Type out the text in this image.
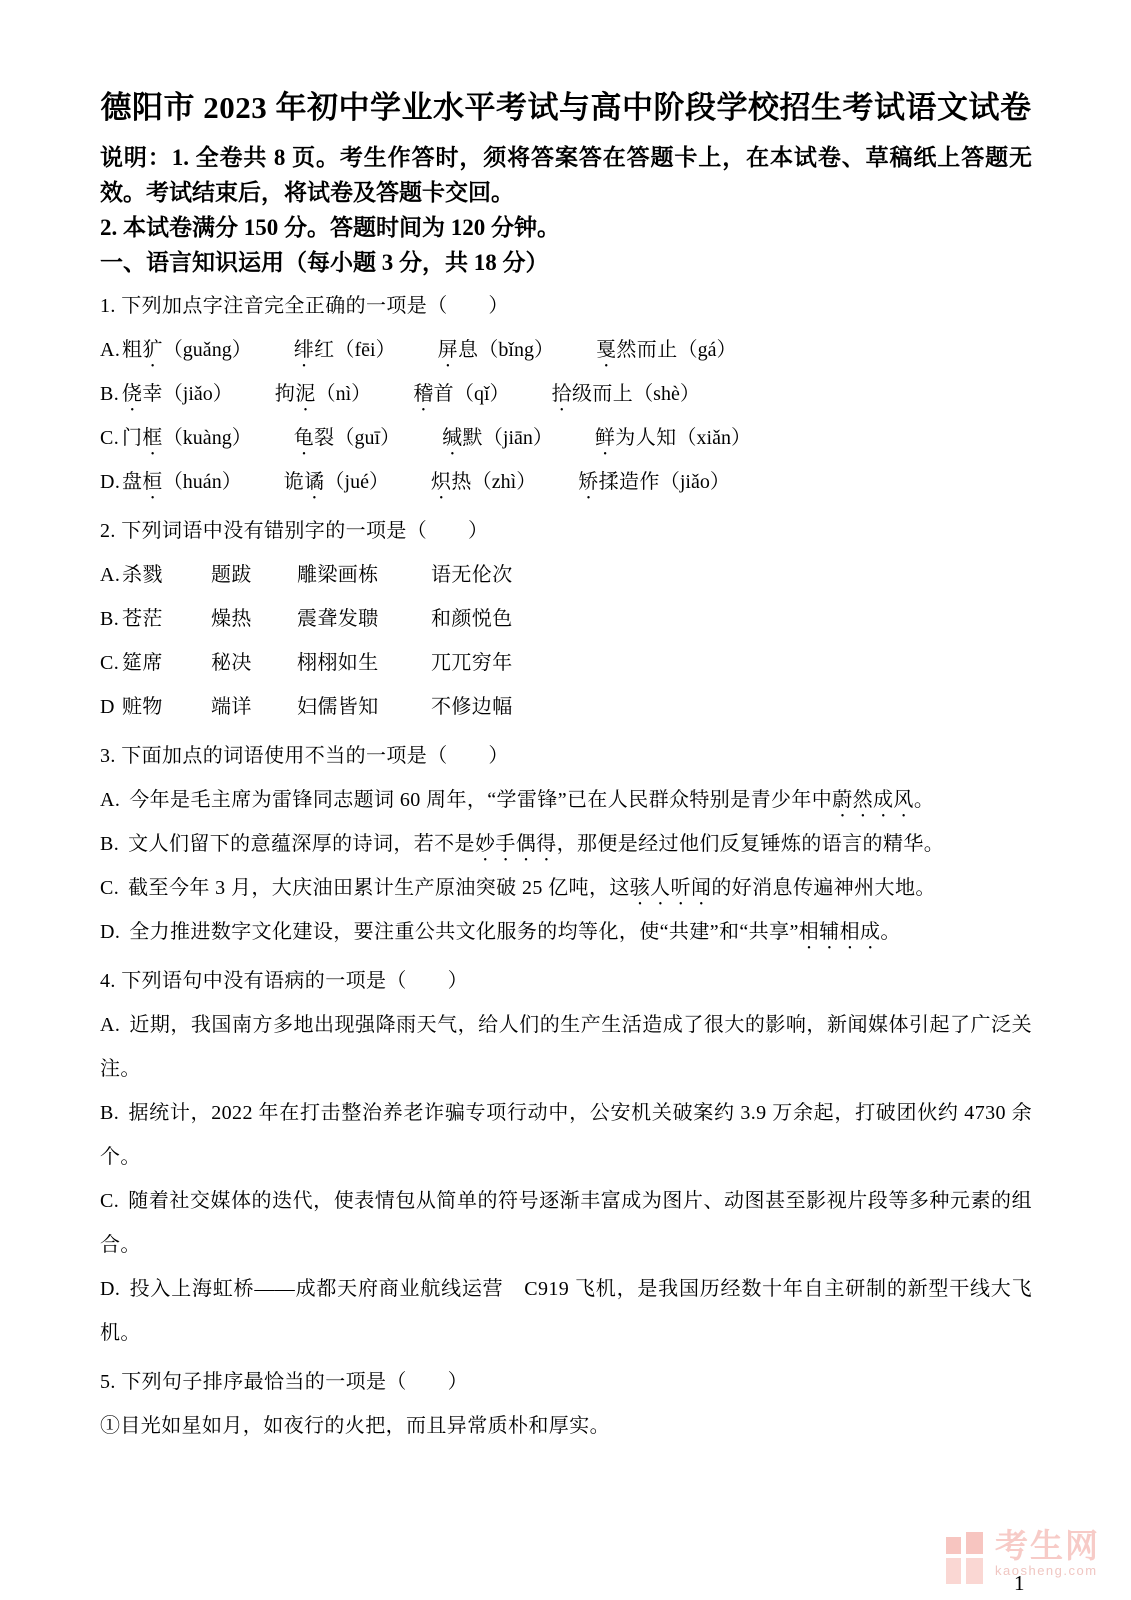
德阳市 2023 年初中学业水平考试与高中阶段学校招生考试语文试卷

说明：1. 全卷共 8 页。考生作答时，须将答案答在答题卡上，在本试卷、草稿纸上答题无效。考试结束后，将试卷及答题卡交回。

2. 本试卷满分 150 分。答题时间为 120 分钟。

一、语言知识运用（每小题 3 分，共 18 分）

1. 下列加点字注音完全正确的一项是（　　）

A. 粗犷（guǎng） 绯红（fēi） 屏息（bǐng） 戛然而止（gá）
B. 侥幸（jiǎo） 拘泥（nì） 稽首（qǐ） 拾级而上（shè）
C. 门框（kuàng） 龟裂（guī） 缄默（jiān） 鲜为人知（xiǎn）
D. 盘桓（huán） 诡谲（jué） 炽热（zhì） 矫揉造作（jiǎo）

2. 下列词语中没有错别字的一项是（　　）

A. 杀戮	题跋	雕梁画栋	语无伦次
B. 苍茫	燥热	震聋发聩	和颜悦色
C. 筵席	秘决	栩栩如生	兀兀穷年
D 赃物	端详	妇儒皆知	不修边幅

3. 下面加点的词语使用不当的一项是（　　）

A. 今年是毛主席为雷锋同志题词 60 周年，“学雷锋”已在人民群众特别是青少年中蔚然成风。

B. 文人们留下的意蕴深厚的诗词，若不是妙手偶得，那便是经过他们反复锤炼的语言的精华。

C. 截至今年 3 月，大庆油田累计生产原油突破 25 亿吨，这骇人听闻的好消息传遍神州大地。

D. 全力推进数字文化建设，要注重公共文化服务的均等化，使“共建”和“共享”相辅相成。

4. 下列语句中没有语病的一项是（　　）

A. 近期，我国南方多地出现强降雨天气，给人们的生产生活造成了很大的影响，新闻媒体引起了广泛关注。

B. 据统计，2022 年在打击整治养老诈骗专项行动中，公安机关破案约 3.9 万余起，打破团伙约 4730 余个。

C. 随着社交媒体的迭代，使表情包从简单的符号逐渐丰富成为图片、动图甚至影视片段等多种元素的组合。

D. 投入上海虹桥——成都天府商业航线运营　C919 飞机，是我国历经数十年自主研制的新型干线大飞机。

5. 下列句子排序最恰当的一项是（　　）

①目光如星如月，如夜行的火把，而且异常质朴和厚实。

考生网
kaosheng.com
1
